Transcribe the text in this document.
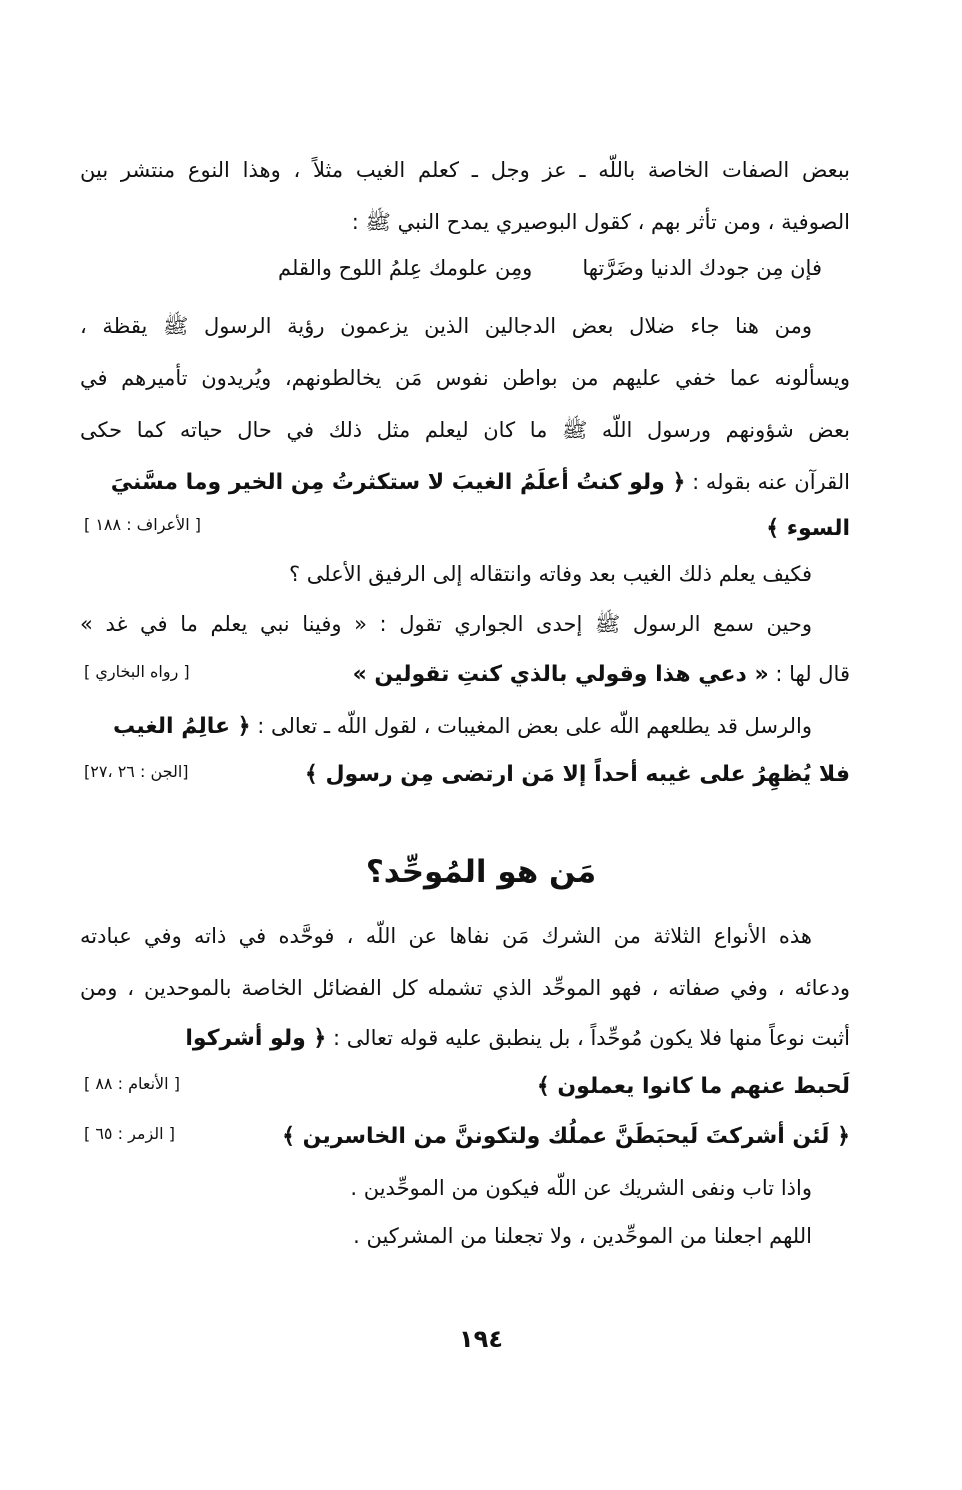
ببعض الصفات الخاصة باللّه ـ عز وجل ـ كعلم الغيب مثلاً ، وهذا النوع منتشر بين
الصوفية ، ومن تأثر بهم ، كقول البوصيري يمدح النبي ﷺ :
فإن مِن جودك الدنيا وضَرَّتها
ومِن علومك عِلمُ اللوح والقلم
ومن هنا جاء ضلال بعض الدجالين الذين يزعمون رؤية الرسول ﷺ يقظة ،
ويسألونه عما خفي عليهم من بواطن نفوس مَن يخالطونهم، ويُريدون تأميرهم في
بعض شؤونهم ورسول اللّه ﷺ ما كان ليعلم مثل ذلك في حال حياته كما حكى
القرآن عنه بقوله : ﴿ ولو كنتُ أعلَمُ الغيبَ لا ستكثرتُ مِن الخير وما مسَّنيَ
السوء ﴾
[ الأعراف : ١٨٨ ]
فكيف يعلم ذلك الغيب بعد وفاته وانتقاله إلى الرفيق الأعلى ؟
وحين سمع الرسول ﷺ إحدى الجواري تقول : « وفينا نبي يعلم ما في غد »
قال لها : « دعي هذا وقولي بالذي كنتِ تقولين »
[ رواه البخاري ]
والرسل قد يطلعهم اللّه على بعض المغيبات ، لقول اللّه ـ تعالى : ﴿ عالِمُ الغيب
فلا يُظهِرُ على غيبه أحداً إلا مَن ارتضى مِن رسول ﴾
[الجن : ٢٦ ،٢٧]
مَن هو المُوحِّد؟
هذه الأنواع الثلاثة من الشرك مَن نفاها عن اللّه ، فوحَّده في ذاته وفي عبادته
ودعائه ، وفي صفاته ، فهو الموحِّد الذي تشمله كل الفضائل الخاصة بالموحدين ، ومن
أثبت نوعاً منها فلا يكون مُوحِّداً ، بل ينطبق عليه قوله تعالى : ﴿ ولو أشركوا
لَحبط عنهم ما كانوا يعملون ﴾
[ الأنعام : ٨٨ ]
﴿ لَئن أشركتَ لَيحبَطَنَّ عملُك ولتكوننَّ من الخاسرين ﴾
[ الزمر : ٦٥ ]
واذا تاب ونفى الشريك عن اللّه فيكون من الموحِّدين .
اللهم اجعلنا من الموحِّدين ، ولا تجعلنا من المشركين .
١٩٤
